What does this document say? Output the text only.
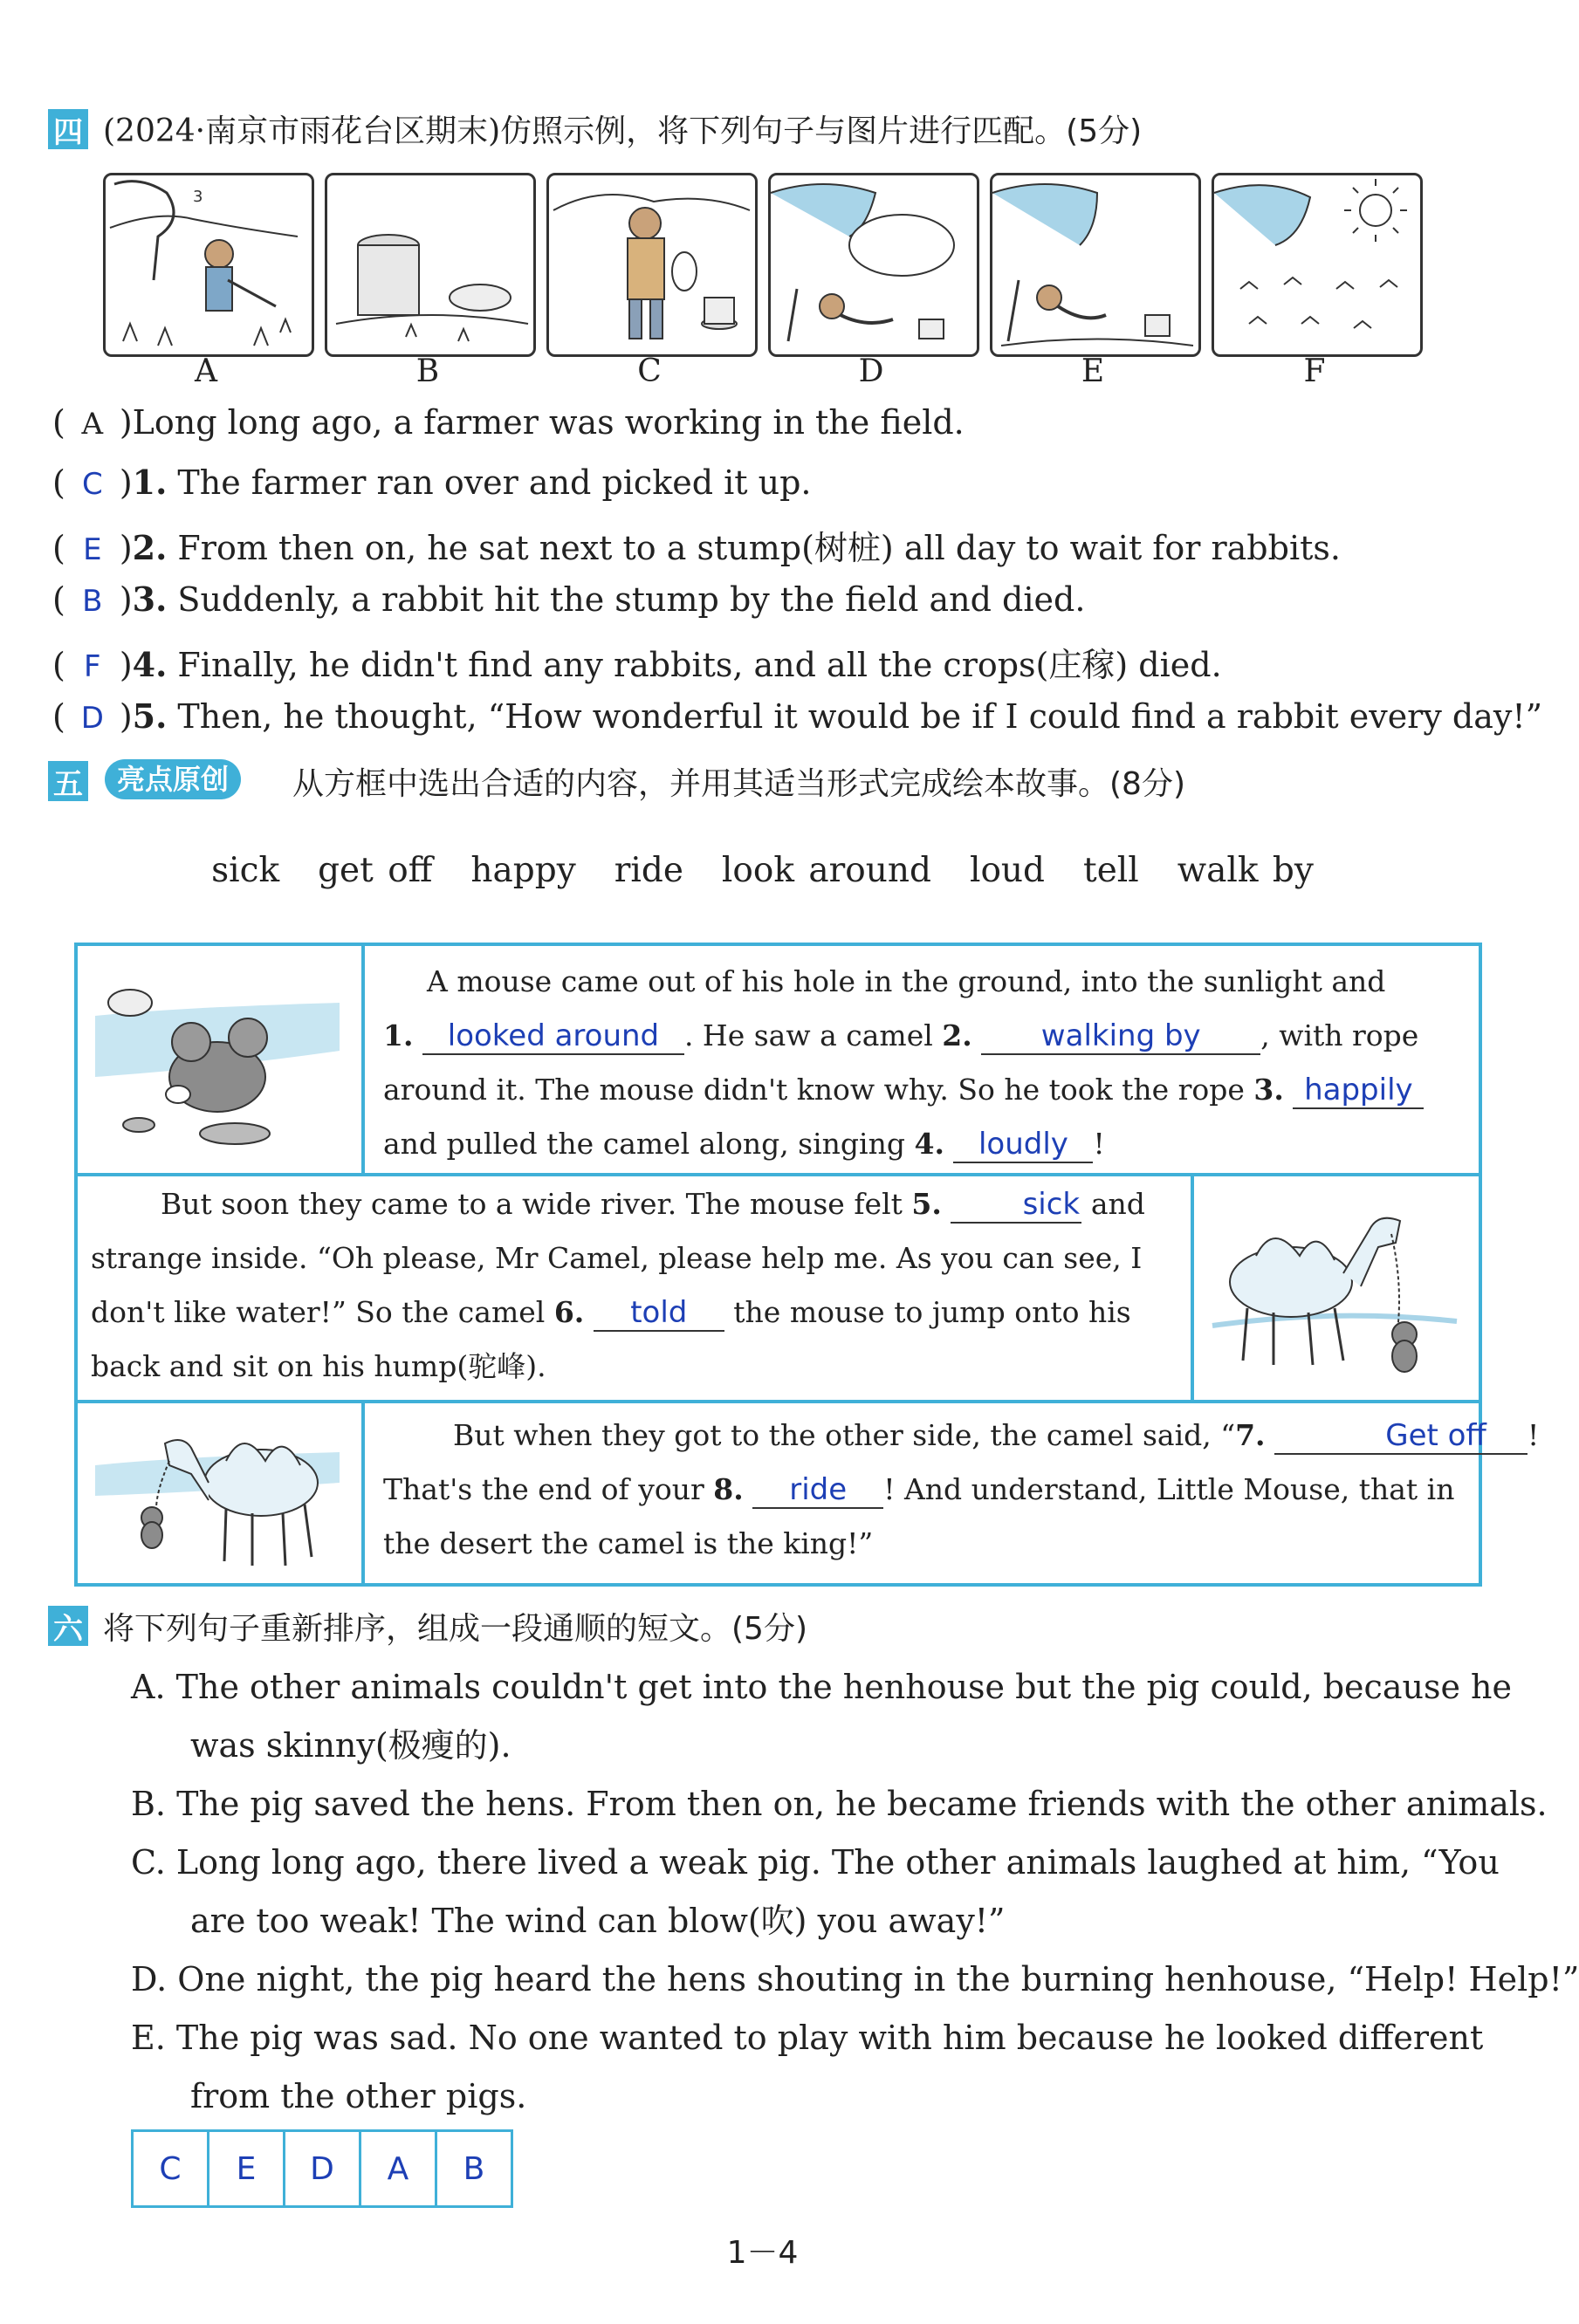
四 (2024·南京市雨花台区期末)仿照示例，将下列句子与图片进行匹配。(5分)
3
A	B	C	D	E	F
( A )Long long ago, a farmer was working in the field.
( C )1. The farmer ran over and picked it up.
( E )2. From then on, he sat next to a stump(树桩) all day to wait for rabbits.
( B )3. Suddenly, a rabbit hit the stump by the field and died.
( F )4. Finally, he didn't find any rabbits, and all the crops(庄稼) died.
( D )5. Then, he thought, “How wonderful it would be if I could find a rabbit every day!”
五	亮点原创	从方框中选出合适的内容，并用其适当形式完成绘本故事。(8分)
sick get off happy ride look around loud tell walk by
A mouse came out of his hole in the ground, into the sunlight and
1. looked around . He saw a camel 2. walking by , with rope
around it. The mouse didn't know why. So he took the rope 3. happily
and pulled the camel along, singing 4. loudly !
But soon they came to a wide river. The mouse felt 5.	sick and
strange inside. “Oh please, Mr Camel, please help me. As you can see, I
don't like water!” So the camel 6. told the mouse to jump onto his
back and sit on his hump(驼峰).
But when they got to the other side, the camel said, “7.	Get off !
That's the end of your 8. ride ! And understand, Little Mouse, that in
the desert the camel is the king!”
六 将下列句子重新排序，组成一段通顺的短文。(5分)
A. The other animals couldn't get into the henhouse but the pig could, because he
was skinny(极瘦的).
B. The pig saved the hens. From then on, he became friends with the other animals.
C. Long long ago, there lived a weak pig. The other animals laughed at him, “You
are too weak! The wind can blow(吹) you away!”
D. One night, the pig heard the hens shouting in the burning henhouse, “Help! Help!”
E. The pig was sad. No one wanted to play with him because he looked different
from the other pigs.
C	E	D	A	B
1－4
